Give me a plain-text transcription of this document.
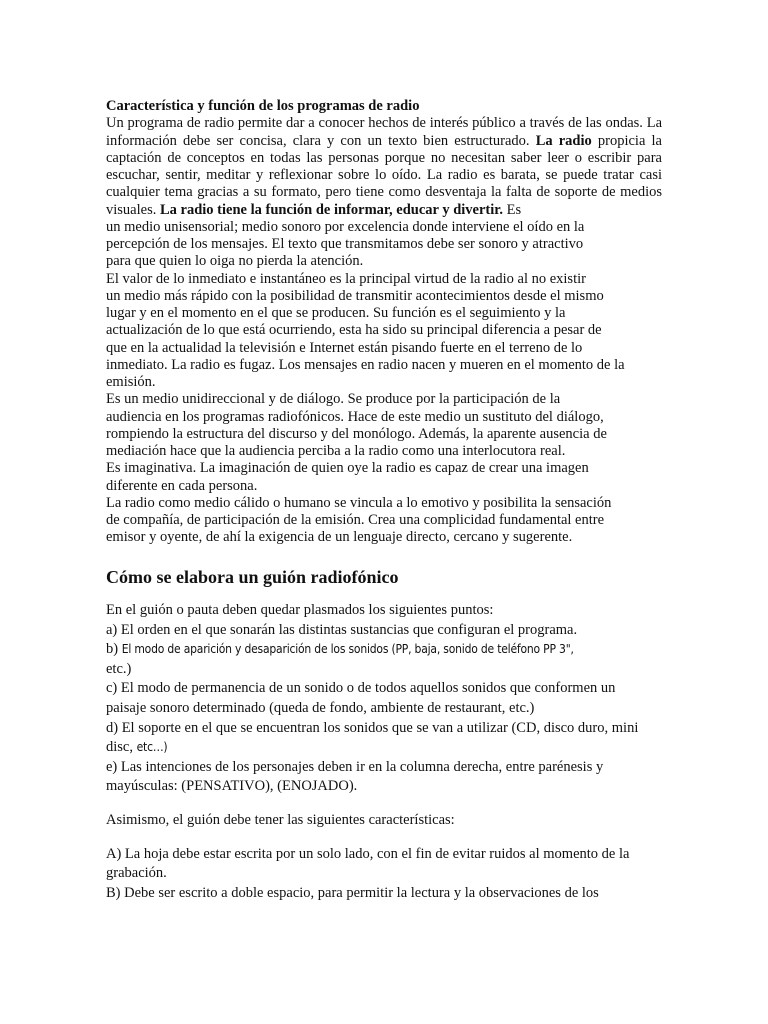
Característica y función de los programas de radio

Un programa de radio permite dar a conocer hechos de interés público a través de las ondas. La información debe ser concisa, clara y con un texto bien estructurado. La radio propicia la captación de conceptos en todas las personas porque no necesitan saber leer o escribir para escuchar, sentir, meditar y reflexionar sobre lo oído. La radio es barata, se puede tratar casi cualquier tema gracias a su formato, pero tiene como desventaja la falta de soporte de medios visuales. La radio tiene la función de informar, educar y divertir. Es

un medio unisensorial; medio sonoro por excelencia donde interviene el oído en la
percepción de los mensajes. El texto que transmitamos debe ser sonoro y atractivo
para que quien lo oiga no pierda la atención.

El valor de lo inmediato e instantáneo es la principal virtud de la radio al no existir
un medio más rápido con la posibilidad de transmitir acontecimientos desde el mismo
lugar y en el momento en el que se producen. Su función es el seguimiento y la
actualización de lo que está ocurriendo, esta ha sido su principal diferencia a pesar de
que en la actualidad la televisión e Internet están pisando fuerte en el terreno de lo
inmediato. La radio es fugaz. Los mensajes en radio nacen y mueren en el momento de la
emisión.

Es un medio unidireccional y de diálogo. Se produce por la participación de la
audiencia en los programas radiofónicos. Hace de este medio un sustituto del diálogo,
rompiendo la estructura del discurso y del monólogo. Además, la aparente ausencia de
mediación hace que la audiencia perciba a la radio como una interlocutora real.

Es imaginativa. La imaginación de quien oye la radio es capaz de crear una imagen
diferente en cada persona.

La radio como medio cálido o humano se vincula a lo emotivo y posibilita la sensación
de compañía, de participación de la emisión. Crea una complicidad fundamental entre
emisor y oyente, de ahí la exigencia de un lenguaje directo, cercano y sugerente.

Cómo se elabora un guión radiofónico

En el guión o pauta deben quedar plasmados los siguientes puntos:

a) El orden en el que sonarán las distintas sustancias que configuran el programa.

b) El modo de aparición y desaparición de los sonidos (PP, baja, sonido de teléfono PP 3",
etc.)

c) El modo de permanencia de un sonido o de todos aquellos sonidos que conformen un
paisaje sonoro determinado (queda de fondo, ambiente de restaurant, etc.)

d) El soporte en el que se encuentran los sonidos que se van a utilizar (CD, disco duro, mini
disc, etc…)

e) Las intenciones de los personajes deben ir en la columna derecha, entre parénesis y
mayúsculas: (PENSATIVO), (ENOJADO).

Asimismo, el guión debe tener las siguientes características:

A) La hoja debe estar escrita por un solo lado, con el fin de evitar ruidos al momento de la
grabación.

B) Debe ser escrito a doble espacio, para permitir la lectura y la observaciones de los
